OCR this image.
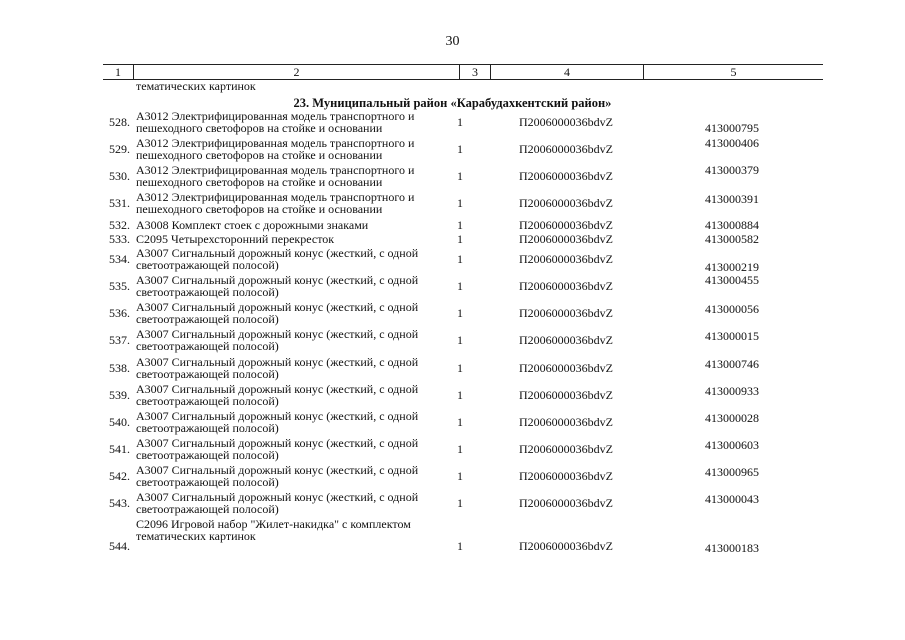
30
1	2	3	4	5
тематических картинок
23. Муниципальный район «Карабудахкентский район»
528. А3012 Электрифицированная модель транспортного и
пешеходного светофоров на стойке и основании	1	П2006000036bdvZ	413000795
529. А3012 Электрифицированная модель транспортного и
пешеходного светофоров на стойке и основании	1	П2006000036bdvZ	413000406
530. А3012 Электрифицированная модель транспортного и
пешеходного светофоров на стойке и основании	1	П2006000036bdvZ	413000379
531. А3012 Электрифицированная модель транспортного и
пешеходного светофоров на стойке и основании	1	П2006000036bdvZ	413000391
532. А3008 Комплект стоек с дорожными знаками	1	П2006000036bdvZ	413000884
533. С2095 Четырехсторонний перекресток	1	П2006000036bdvZ	413000582
534. А3007 Сигнальный дорожный конус (жесткий, с одной
светоотражающей полосой)	1	П2006000036bdvZ
413000219
535. А3007 Сигнальный дорожный конус (жесткий, с одной
светоотражающей полосой)	1	П2006000036bdvZ	413000455
536. А3007 Сигнальный дорожный конус (жесткий, с одной
светоотражающей полосой)	1	П2006000036bdvZ	413000056
537. А3007 Сигнальный дорожный конус (жесткий, с одной
светоотражающей полосой)	1	П2006000036bdvZ	413000015
538. А3007 Сигнальный дорожный конус (жесткий, с одной
светоотражающей полосой)	1	П2006000036bdvZ	413000746
539. А3007 Сигнальный дорожный конус (жесткий, с одной
светоотражающей полосой)	1	П2006000036bdvZ	413000933
540. А3007 Сигнальный дорожный конус (жесткий, с одной
светоотражающей полосой)	1	П2006000036bdvZ	413000028
541. А3007 Сигнальный дорожный конус (жесткий, с одной
светоотражающей полосой)	1	П2006000036bdvZ	413000603
542. А3007 Сигнальный дорожный конус (жесткий, с одной
светоотражающей полосой)	1	П2006000036bdvZ	413000965
543. А3007 Сигнальный дорожный конус (жесткий, с одной
светоотражающей полосой)	1	П2006000036bdvZ	413000043
544.
С2096 Игровой набор "Жилет-накидка" с комплектом
тематических картинок
1	П2006000036bdvZ	413000183
